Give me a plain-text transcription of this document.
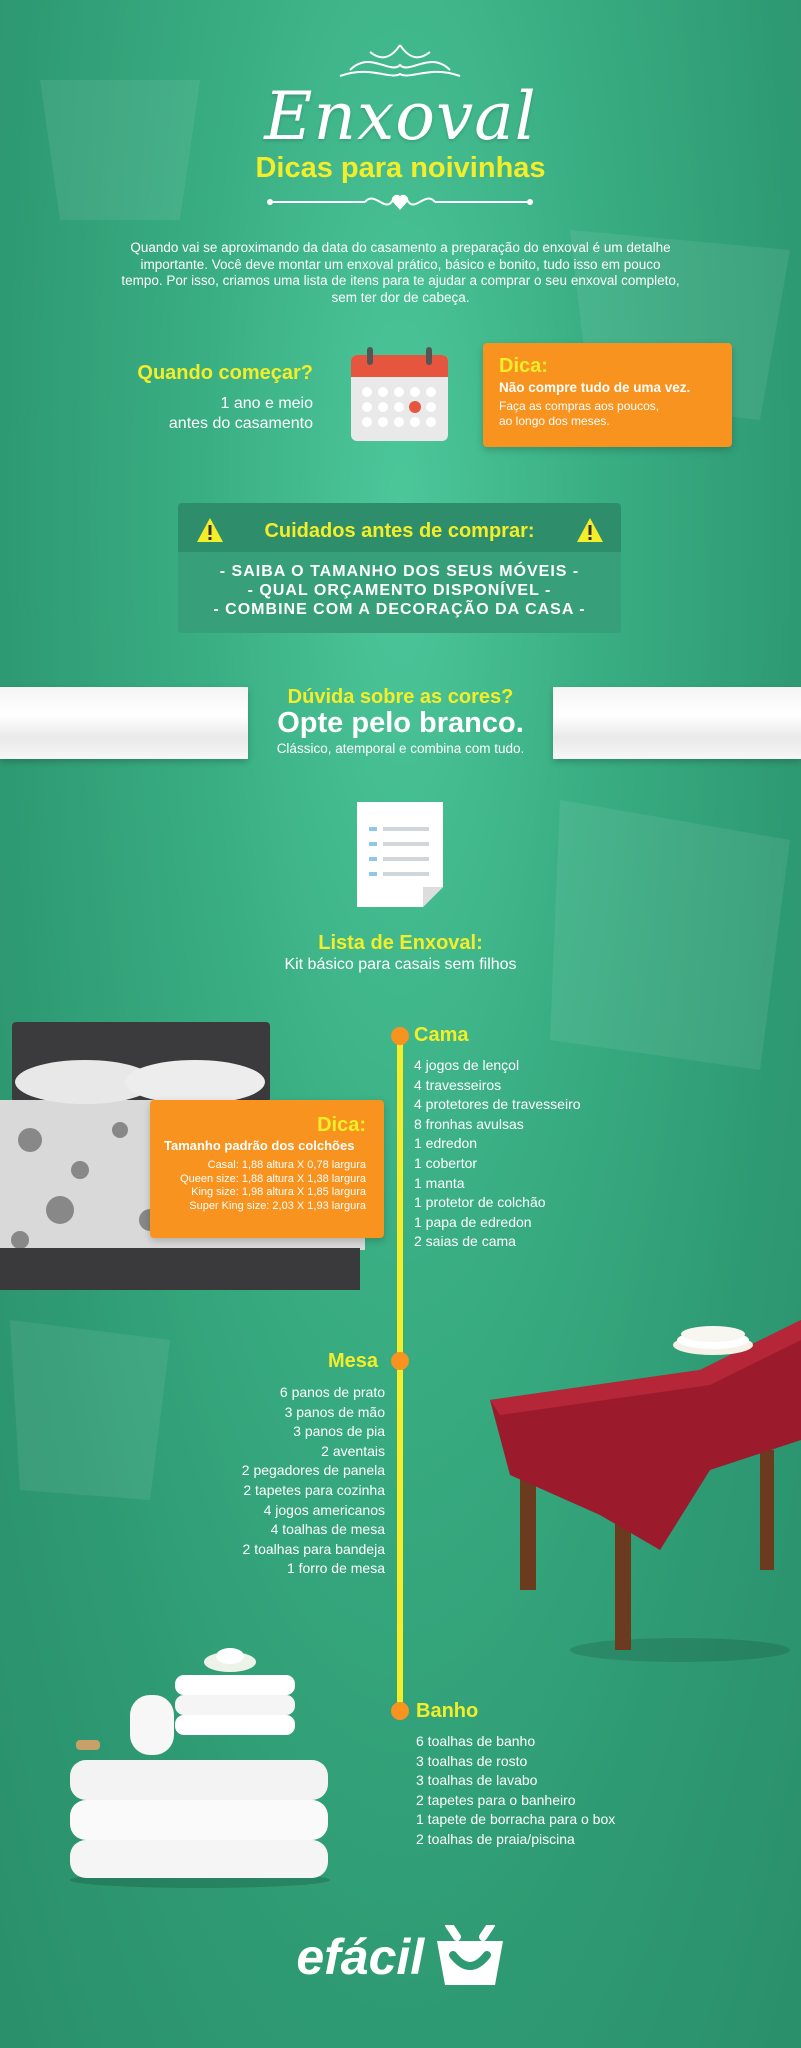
Enxoval
Dicas para noivinhas
Quando vai se aproximando da data do casamento a preparação do enxoval é um detalhe importante. Você deve montar um enxoval prático, básico e bonito, tudo isso em pouco tempo. Por isso, criamos uma lista de itens para te ajudar a comprar o seu enxoval completo, sem ter dor de cabeça.
Quando começar?
1 ano e meio
antes do casamento
Dica:
Não compre tudo de uma vez.
Faça as compras aos poucos,
ao longo dos meses.
Cuidados antes de comprar:
- SAIBA O TAMANHO DOS SEUS MÓVEIS -
- QUAL ORÇAMENTO DISPONÍVEL -
- COMBINE COM A DECORAÇÃO DA CASA -
Dúvida sobre as cores?
Opte pelo branco.
Clássico, atemporal e combina com tudo.
Lista de Enxoval:
Kit básico para casais sem filhos
Dica:
Tamanho padrão dos colchões
Casal: 1,88 altura X 0,78 largura
Queen size: 1,88 altura X 1,38 largura
King size: 1,98 altura X 1,85 largura
Super King size: 2,03 X 1,93 largura
Cama
4 jogos de lençol
4 travesseiros
4 protetores de travesseiro
8 fronhas avulsas
1 edredon
1 cobertor
1 manta
1 protetor de colchão
1 papa de edredon
2 saias de cama
Mesa
6 panos de prato
3 panos de mão
3 panos de pia
2 aventais
2 pegadores de panela
2 tapetes para cozinha
4 jogos americanos
4 toalhas de mesa
2 toalhas para bandeja
1 forro de mesa
Banho
6 toalhas de banho
3 toalhas de rosto
3 toalhas de lavabo
2 tapetes para o banheiro
1 tapete de borracha para o box
2 toalhas de praia/piscina
efácil
